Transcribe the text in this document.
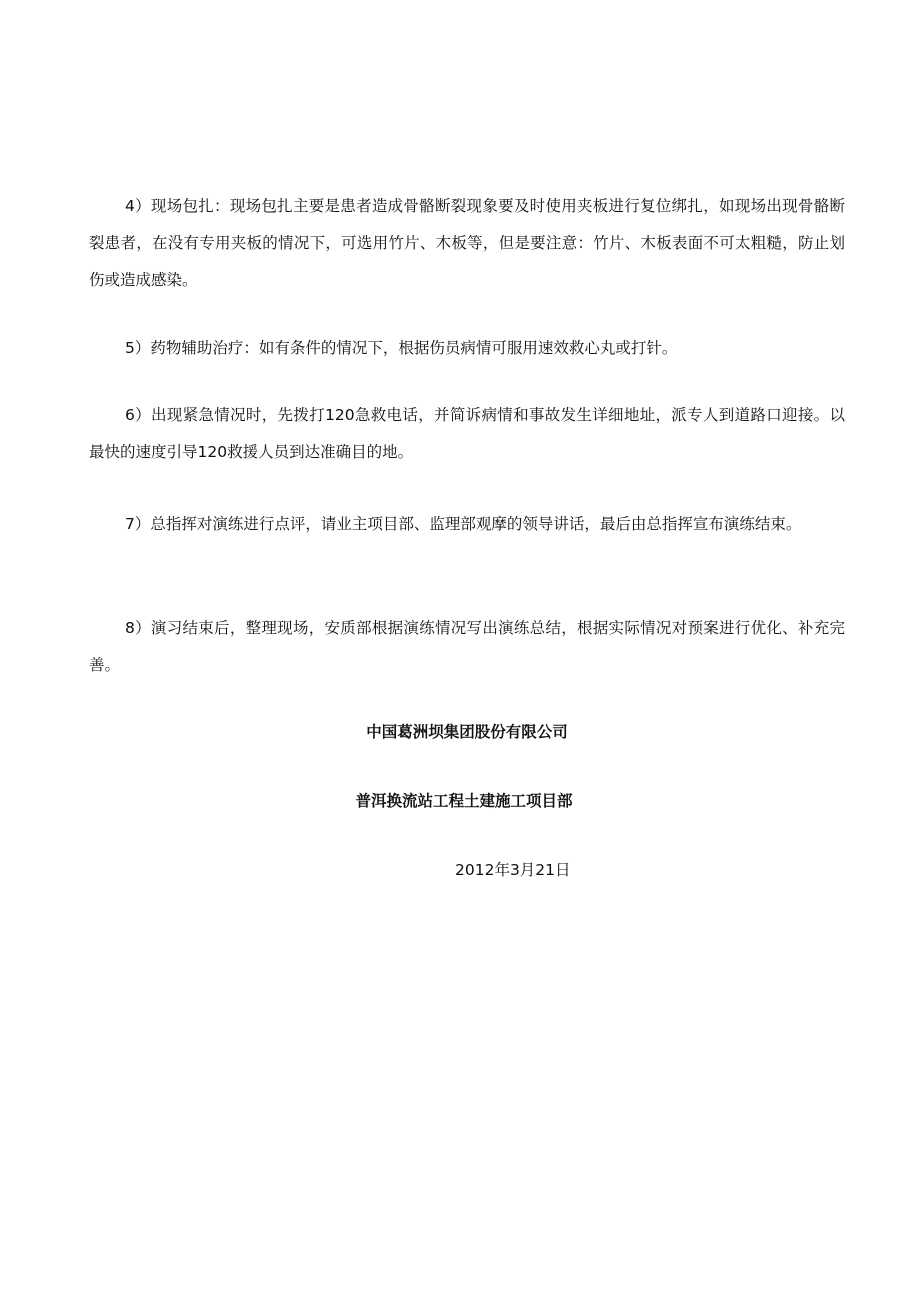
4）现场包扎：现场包扎主要是患者造成骨骼断裂现象要及时使用夹板进行复位绑扎，如现场出现骨骼断裂患者，在没有专用夹板的情况下，可选用竹片、木板等，但是要注意：竹片、木板表面不可太粗糙，防止划伤或造成感染。

5）药物辅助治疗：如有条件的情况下，根据伤员病情可服用速效救心丸或打针。

6）出现紧急情况时，先拨打120急救电话，并简诉病情和事故发生详细地址，派专人到道路口迎接。以最快的速度引导120救援人员到达准确目的地。

7）总指挥对演练进行点评，请业主项目部、监理部观摩的领导讲话，最后由总指挥宣布演练结束。

8）演习结束后，整理现场，安质部根据演练情况写出演练总结，根据实际情况对预案进行优化、补充完善。

中国葛洲坝集团股份有限公司

普洱换流站工程土建施工项目部

2012年3月21日
